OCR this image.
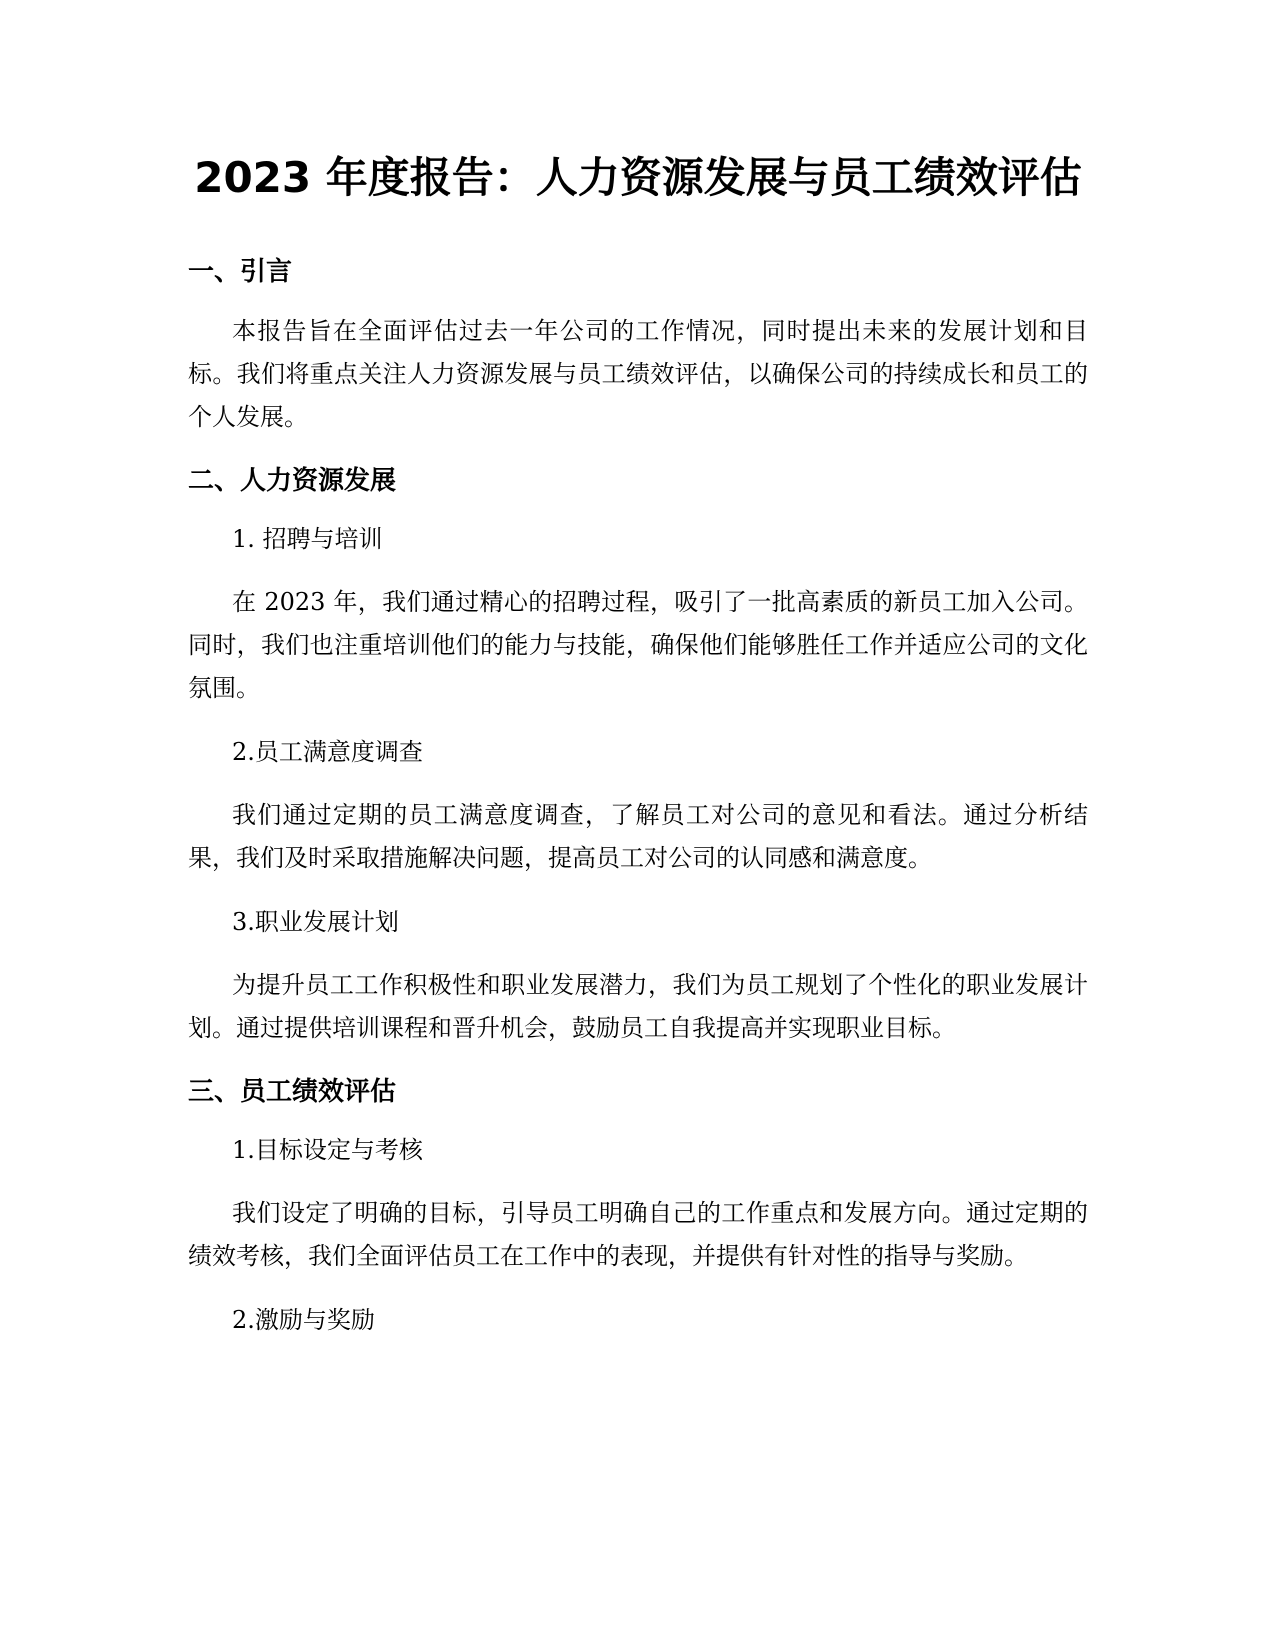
2023 年度报告：人力资源发展与员工绩效评估
一、引言

本报告旨在全面评估过去一年公司的工作情况，同时提出未来的发展计划和目标。我们将重点关注人力资源发展与员工绩效评估，以确保公司的持续成长和员工的个人发展。

二、人力资源发展

1. 招聘与培训

在 2023 年，我们通过精心的招聘过程，吸引了一批高素质的新员工加入公司。同时，我们也注重培训他们的能力与技能，确保他们能够胜任工作并适应公司的文化氛围。

2.员工满意度调查

我们通过定期的员工满意度调查，了解员工对公司的意见和看法。通过分析结果，我们及时采取措施解决问题，提高员工对公司的认同感和满意度。

3.职业发展计划

为提升员工工作积极性和职业发展潜力，我们为员工规划了个性化的职业发展计划。通过提供培训课程和晋升机会，鼓励员工自我提高并实现职业目标。

三、员工绩效评估

1.目标设定与考核

我们设定了明确的目标，引导员工明确自己的工作重点和发展方向。通过定期的绩效考核，我们全面评估员工在工作中的表现，并提供有针对性的指导与奖励。

2.激励与奖励
